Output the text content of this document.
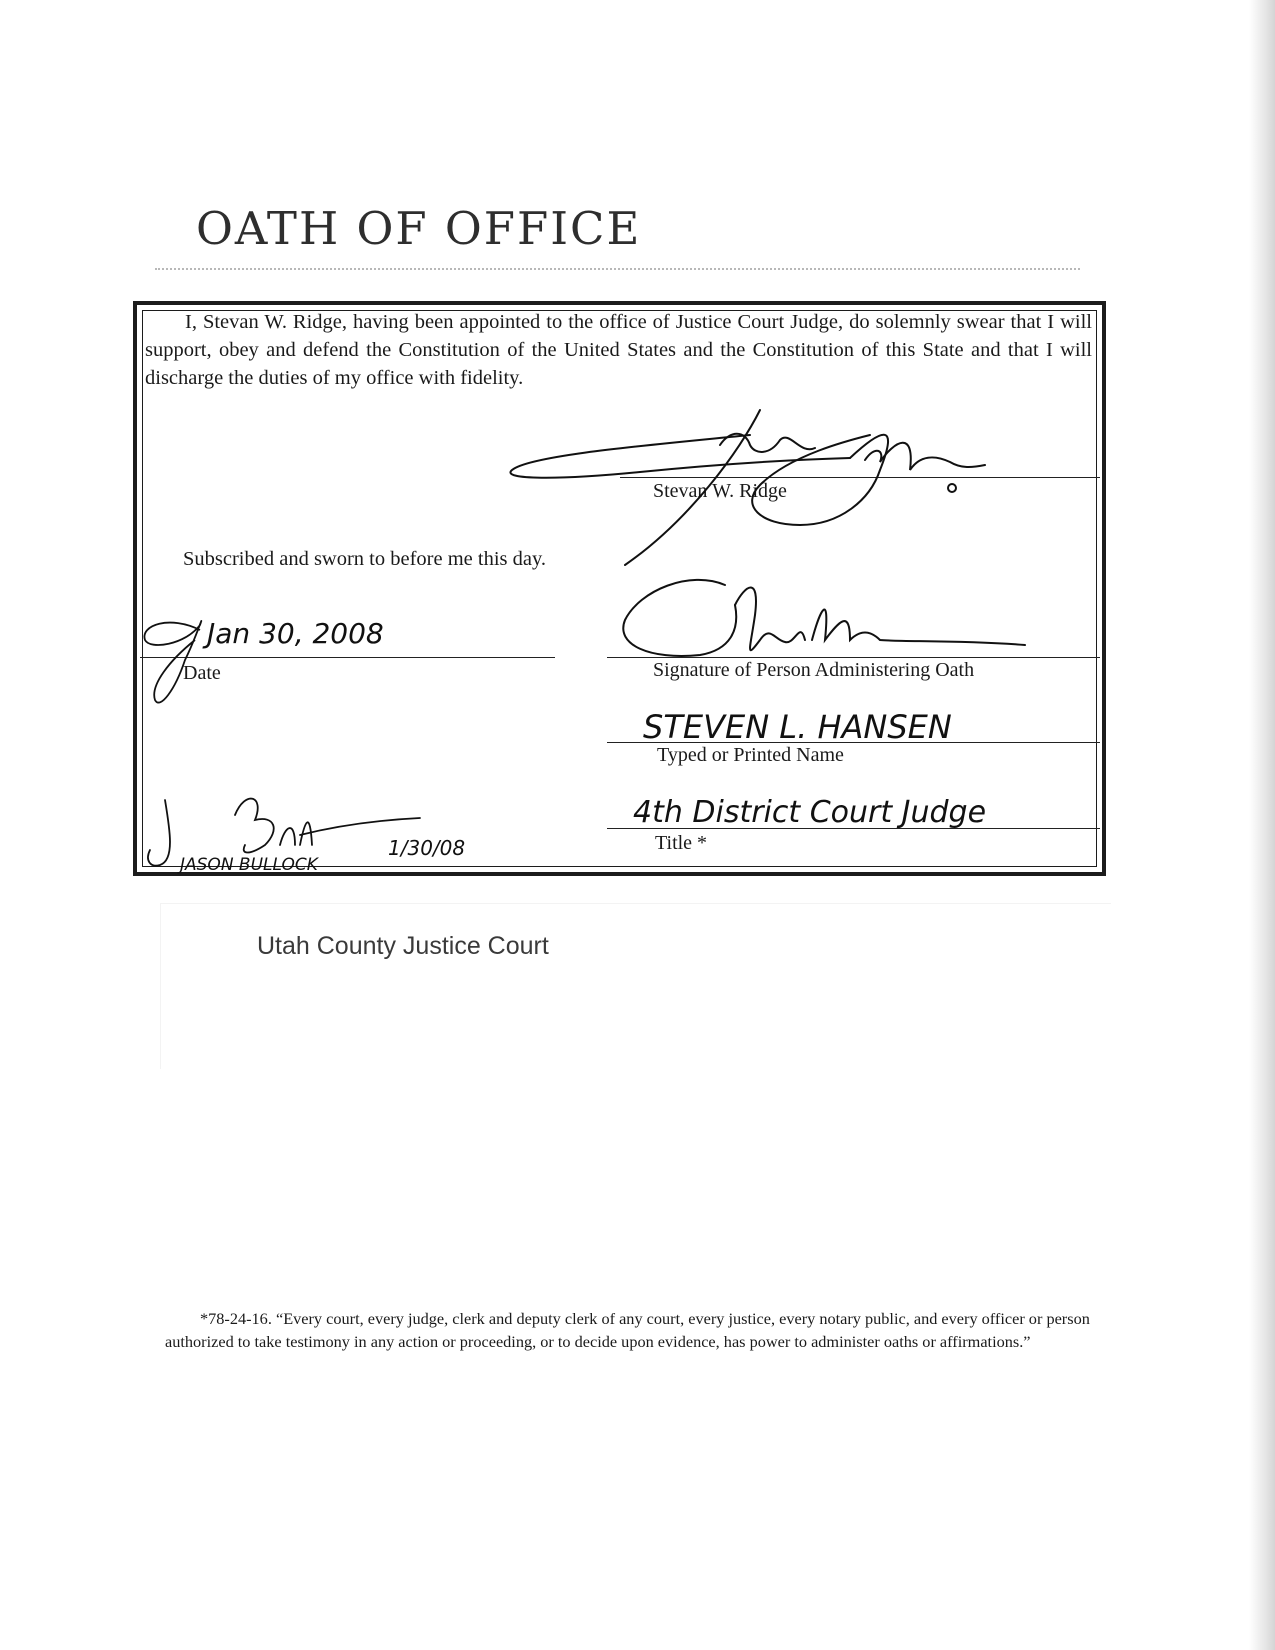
OATH OF OFFICE

I, Stevan W. Ridge, having been appointed to the office of Justice Court Judge, do solemnly swear that I will support, obey and defend the Constitution of the United States and the Constitution of this State and that I will discharge the duties of my office with fidelity.

Stevan W. Ridge
Subscribed and sworn to before me this day.
Date	Signature of Person Administering Oath
Typed or Printed Name
Title *
Jan 30, 2008
STEVEN L. HANSEN
4th District Court Judge
JASON BULLOCK
1/30/08
Utah County Justice Court

*78-24-16. “Every court, every judge, clerk and deputy clerk of any court, every justice, every notary public, and every officer or person authorized to take testimony in any action or proceeding, or to decide upon evidence, has power to administer oaths or affirmations.”
